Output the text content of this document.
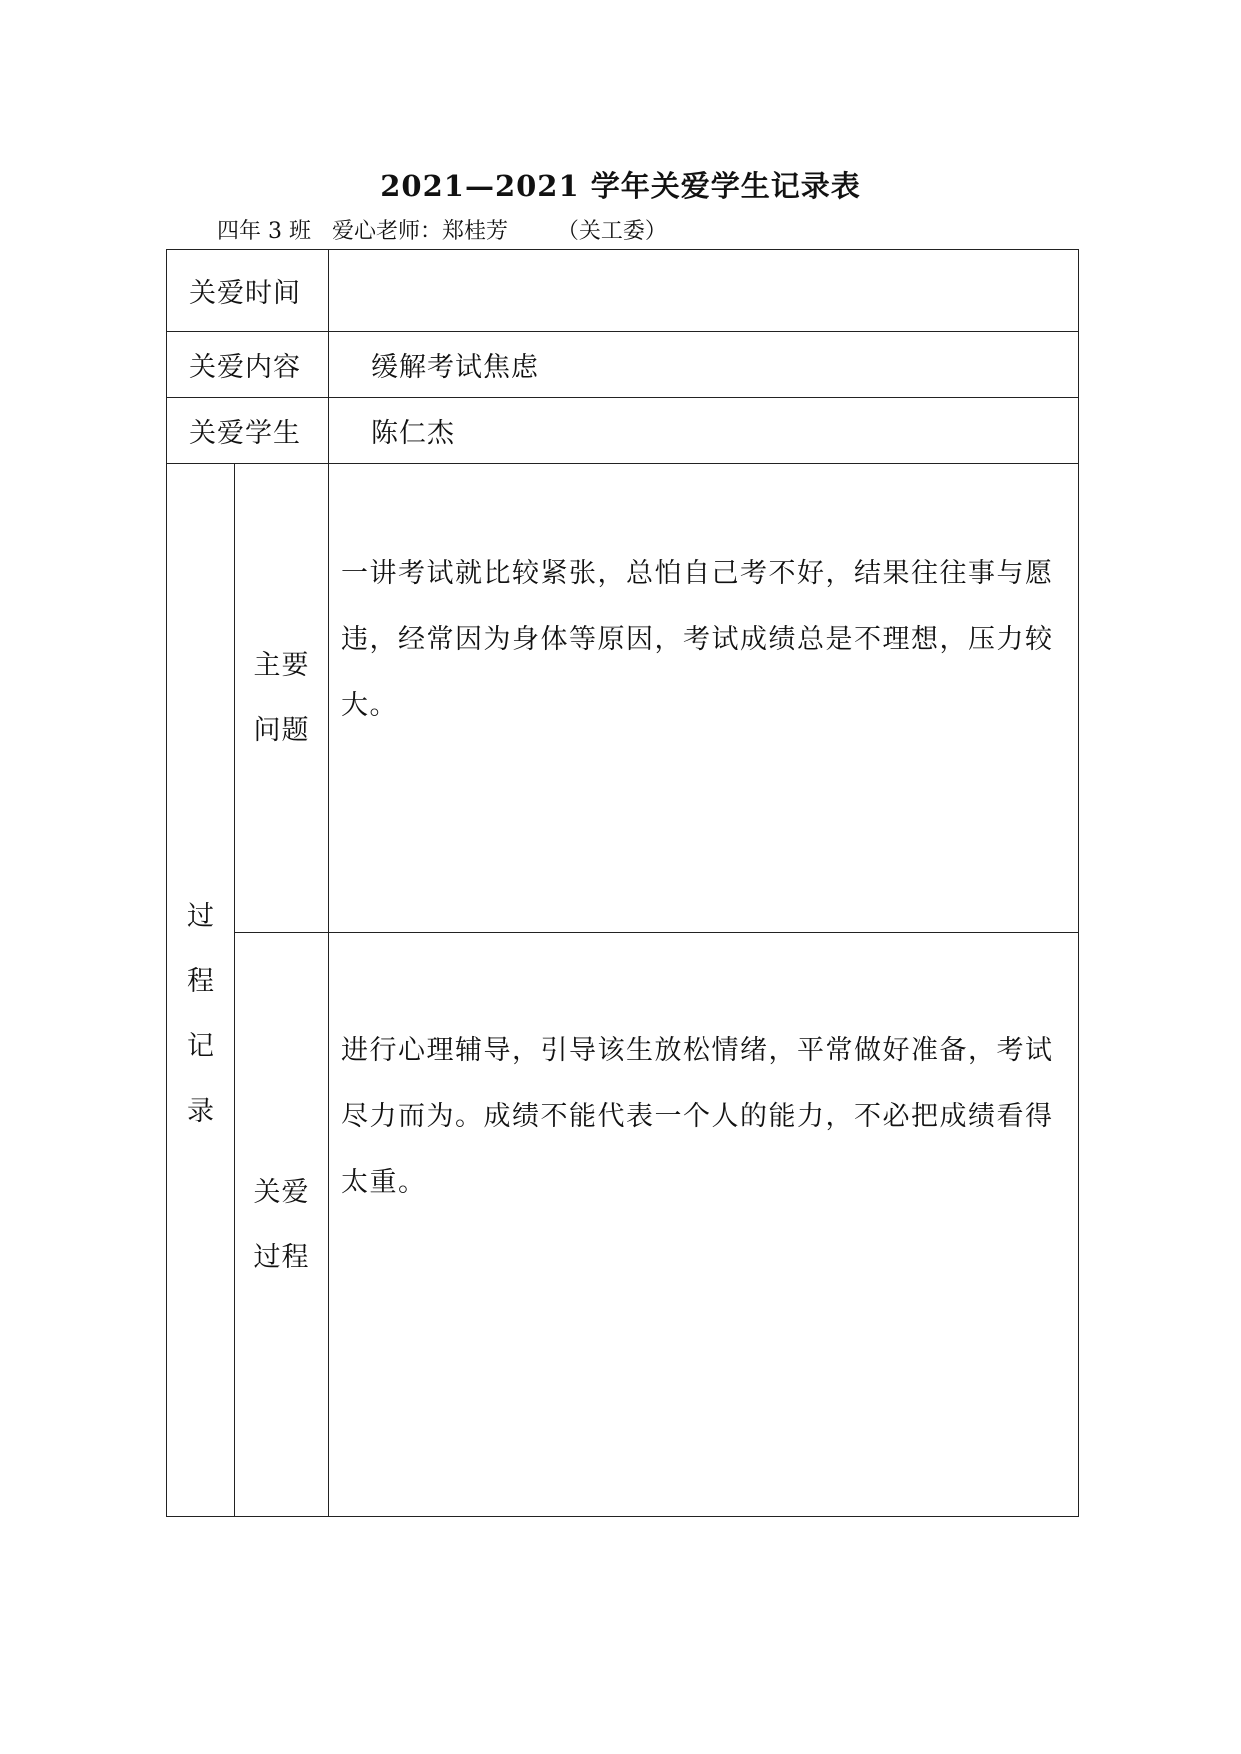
2021—2021 学年关爱学生记录表
四年 3 班   爱心老师：郑桂芳       （关工委）
关爱时间		
关爱内容		缓解考试焦虑
关爱学生		陈仁杰
过程记录	主要问题	一讲考试就比较紧张，总怕自己考不好，结果往往事与愿违，经常因为身体等原因，考试成绩总是不理想，压力较大。
	关爱过程	进行心理辅导，引导该生放松情绪，平常做好准备，考试尽力而为。成绩不能代表一个人的能力，不必把成绩看得太重。
